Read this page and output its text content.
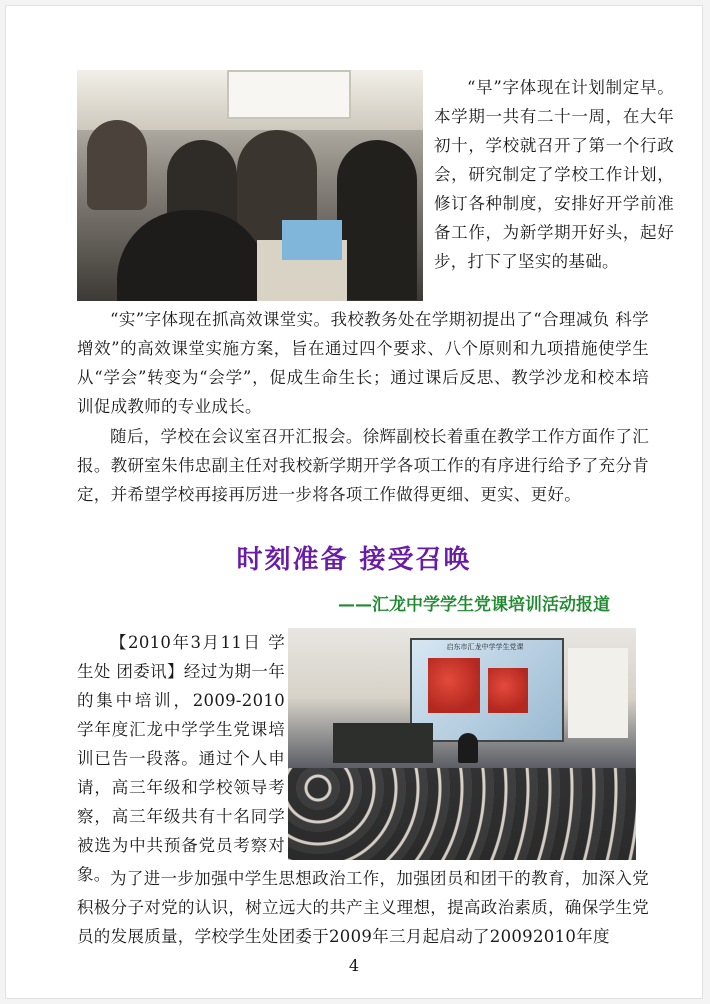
“早”字体现在计划制定早。本学期一共有二十一周，在大年初十，学校就召开了第一个行政会，研究制定了学校工作计划，修订各种制度，安排好开学前准备工作，为新学期开好头，起好步，打下了坚实的基础。
“实”字体现在抓高效课堂实。我校教务处在学期初提出了“合理减负 科学增效”的高效课堂实施方案，旨在通过四个要求、八个原则和九项措施使学生从“学会”转变为“会学”，促成生命生长；通过课后反思、教学沙龙和校本培训促成教师的专业成长。
随后，学校在会议室召开汇报会。徐辉副校长着重在教学工作方面作了汇报。教研室朱伟忠副主任对我校新学期开学各项工作的有序进行给予了充分肯定，并希望学校再接再厉进一步将各项工作做得更细、更实、更好。
时刻准备 接受召唤
——汇龙中学学生党课培训活动报道
【2010年3月11日 学生处 团委讯】经过为期一年的集中培训，2009-2010学年度汇龙中学学生党课培训已告一段落。通过个人申请，高三年级和学校领导考察，高三年级共有十名同学被选为中共预备党员考察对象。
启东市汇龙中学学生党课
为了进一步加强中学生思想政治工作，加强团员和团干的教育，加深入党积极分子对党的认识，树立远大的共产主义理想，提高政治素质，确保学生党员的发展质量，学校学生处团委于2009年三月起启动了20092010年度
4
